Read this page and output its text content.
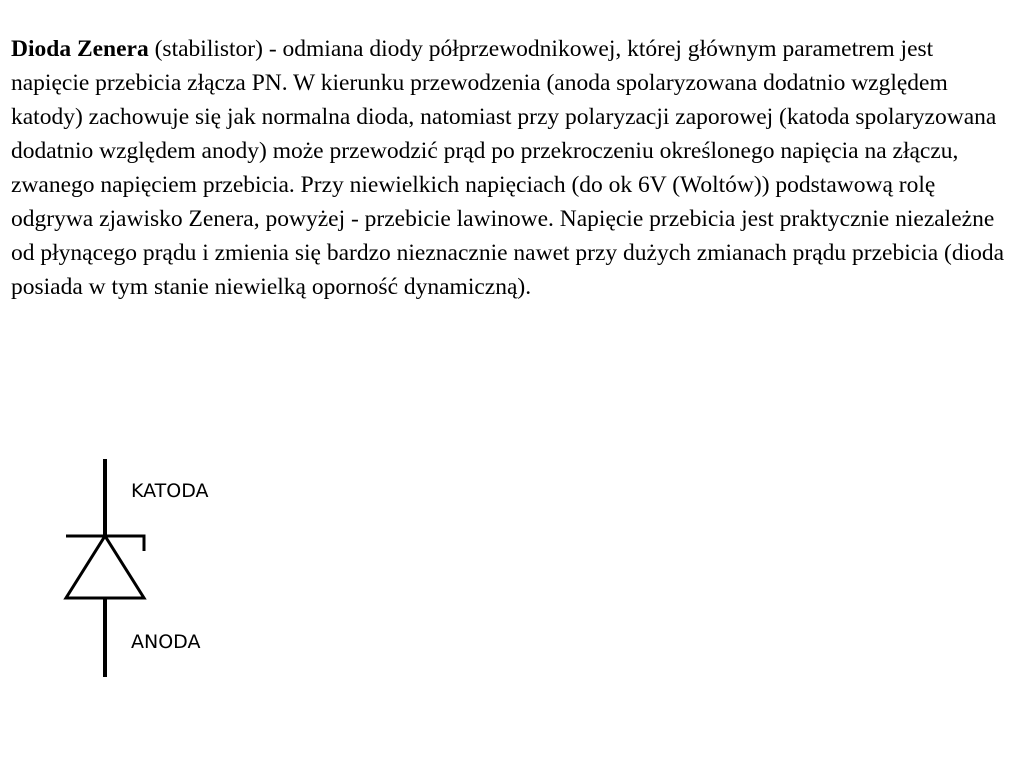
Dioda Zenera (stabilistor) - odmiana diody półprzewodnikowej, której głównym parametrem jest napięcie przebicia złącza PN. W kierunku przewodzenia (anoda spolaryzowana dodatnio względem katody) zachowuje się jak normalna dioda, natomiast przy polaryzacji zaporowej (katoda spolaryzowana dodatnio względem anody) może przewodzić prąd po przekroczeniu określonego napięcia na złączu, zwanego napięciem przebicia. Przy niewielkich napięciach (do ok 6V (Woltów)) podstawową rolę odgrywa zjawisko Zenera, powyżej - przebicie lawinowe. Napięcie przebicia jest praktycznie niezależne od płynącego prądu i zmienia się bardzo nieznacznie nawet przy dużych zmianach prądu przebicia (dioda posiada w tym stanie niewielką oporność dynamiczną).

KATODA
ANODA
